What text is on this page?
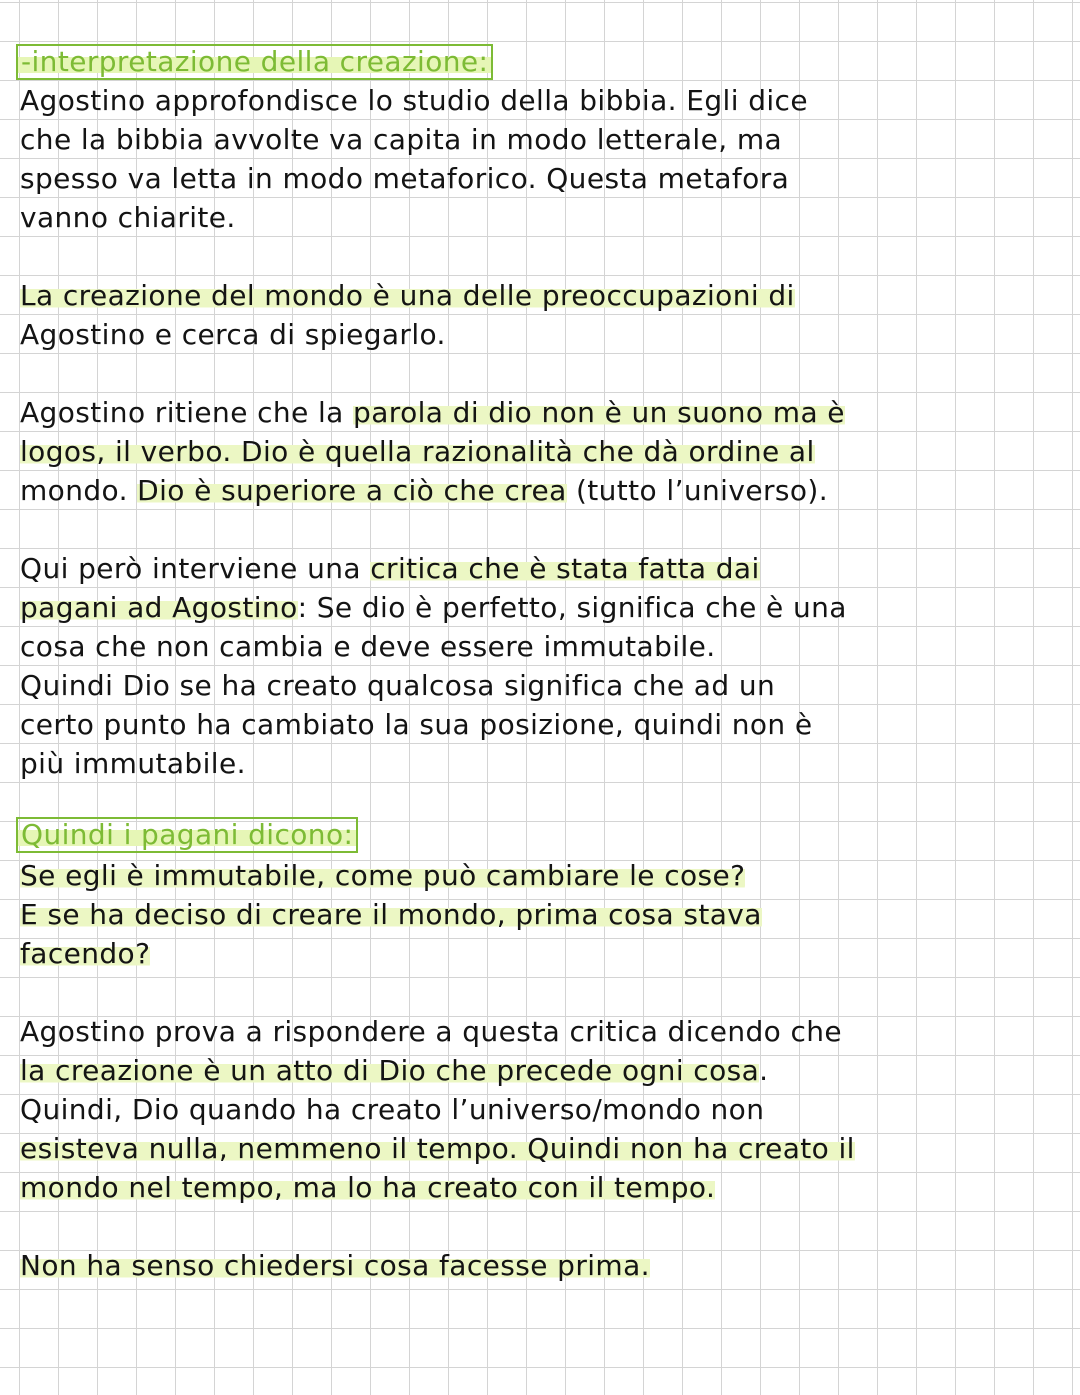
-interpretazione della creazione:
Agostino approfondisce lo studio della bibbia. Egli dice
che la bibbia avvolte va capita in modo letterale, ma
spesso va letta in modo metaforico. Questa metafora
vanno chiarite.
La creazione del mondo è una delle preoccupazioni di
Agostino e cerca di spiegarlo.
Agostino ritiene che la parola di dio non è un suono ma è
logos, il verbo. Dio è quella razionalità che dà ordine al
mondo. Dio è superiore a ciò che crea (tutto l’universo).
Qui però interviene una critica che è stata fatta dai
pagani ad Agostino: Se dio è perfetto, significa che è una
cosa che non cambia e deve essere immutabile.
Quindi Dio se ha creato qualcosa significa che ad un
certo punto ha cambiato la sua posizione, quindi non è
più immutabile.
Quindi i pagani dicono:
Se egli è immutabile, come può cambiare le cose?
E se ha deciso di creare il mondo, prima cosa stava
facendo?
Agostino prova a rispondere a questa critica dicendo che
la creazione è un atto di Dio che precede ogni cosa.
Quindi, Dio quando ha creato l’universo/mondo non
esisteva nulla, nemmeno il tempo. Quindi non ha creato il
mondo nel tempo, ma lo ha creato con il tempo.
Non ha senso chiedersi cosa facesse prima.
